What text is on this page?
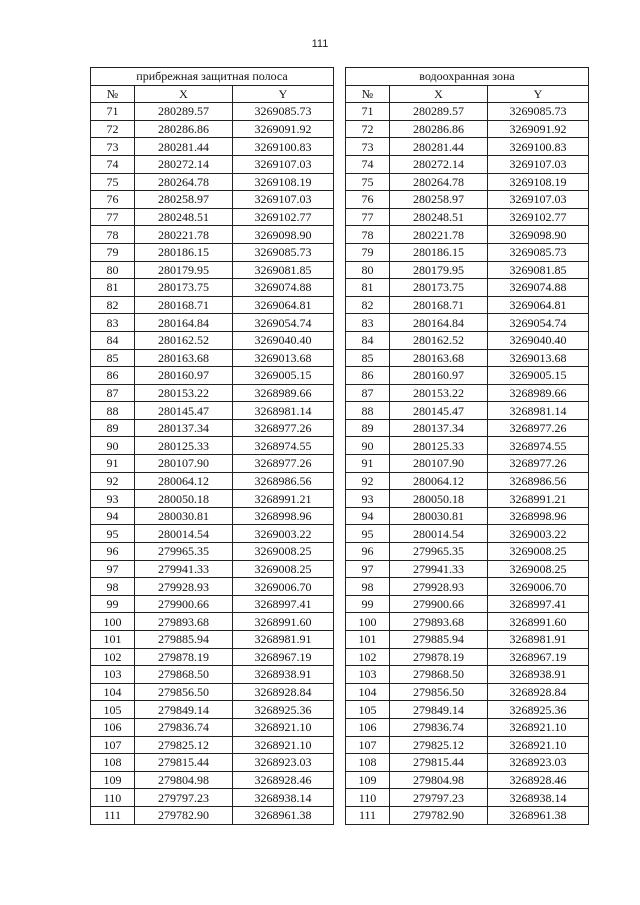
111
прибрежная защитная полоса				водоохранная зона		
№	X	Y		№	X	Y
71	280289.57	3269085.73		71	280289.57	3269085.73
72	280286.86	3269091.92		72	280286.86	3269091.92
73	280281.44	3269100.83		73	280281.44	3269100.83
74	280272.14	3269107.03		74	280272.14	3269107.03
75	280264.78	3269108.19		75	280264.78	3269108.19
76	280258.97	3269107.03		76	280258.97	3269107.03
77	280248.51	3269102.77		77	280248.51	3269102.77
78	280221.78	3269098.90		78	280221.78	3269098.90
79	280186.15	3269085.73		79	280186.15	3269085.73
80	280179.95	3269081.85		80	280179.95	3269081.85
81	280173.75	3269074.88		81	280173.75	3269074.88
82	280168.71	3269064.81		82	280168.71	3269064.81
83	280164.84	3269054.74		83	280164.84	3269054.74
84	280162.52	3269040.40		84	280162.52	3269040.40
85	280163.68	3269013.68		85	280163.68	3269013.68
86	280160.97	3269005.15		86	280160.97	3269005.15
87	280153.22	3268989.66		87	280153.22	3268989.66
88	280145.47	3268981.14		88	280145.47	3268981.14
89	280137.34	3268977.26		89	280137.34	3268977.26
90	280125.33	3268974.55		90	280125.33	3268974.55
91	280107.90	3268977.26		91	280107.90	3268977.26
92	280064.12	3268986.56		92	280064.12	3268986.56
93	280050.18	3268991.21		93	280050.18	3268991.21
94	280030.81	3268998.96		94	280030.81	3268998.96
95	280014.54	3269003.22		95	280014.54	3269003.22
96	279965.35	3269008.25		96	279965.35	3269008.25
97	279941.33	3269008.25		97	279941.33	3269008.25
98	279928.93	3269006.70		98	279928.93	3269006.70
99	279900.66	3268997.41		99	279900.66	3268997.41
100	279893.68	3268991.60		100	279893.68	3268991.60
101	279885.94	3268981.91		101	279885.94	3268981.91
102	279878.19	3268967.19		102	279878.19	3268967.19
103	279868.50	3268938.91		103	279868.50	3268938.91
104	279856.50	3268928.84		104	279856.50	3268928.84
105	279849.14	3268925.36		105	279849.14	3268925.36
106	279836.74	3268921.10		106	279836.74	3268921.10
107	279825.12	3268921.10		107	279825.12	3268921.10
108	279815.44	3268923.03		108	279815.44	3268923.03
109	279804.98	3268928.46		109	279804.98	3268928.46
110	279797.23	3268938.14		110	279797.23	3268938.14
111	279782.90	3268961.38		111	279782.90	3268961.38
